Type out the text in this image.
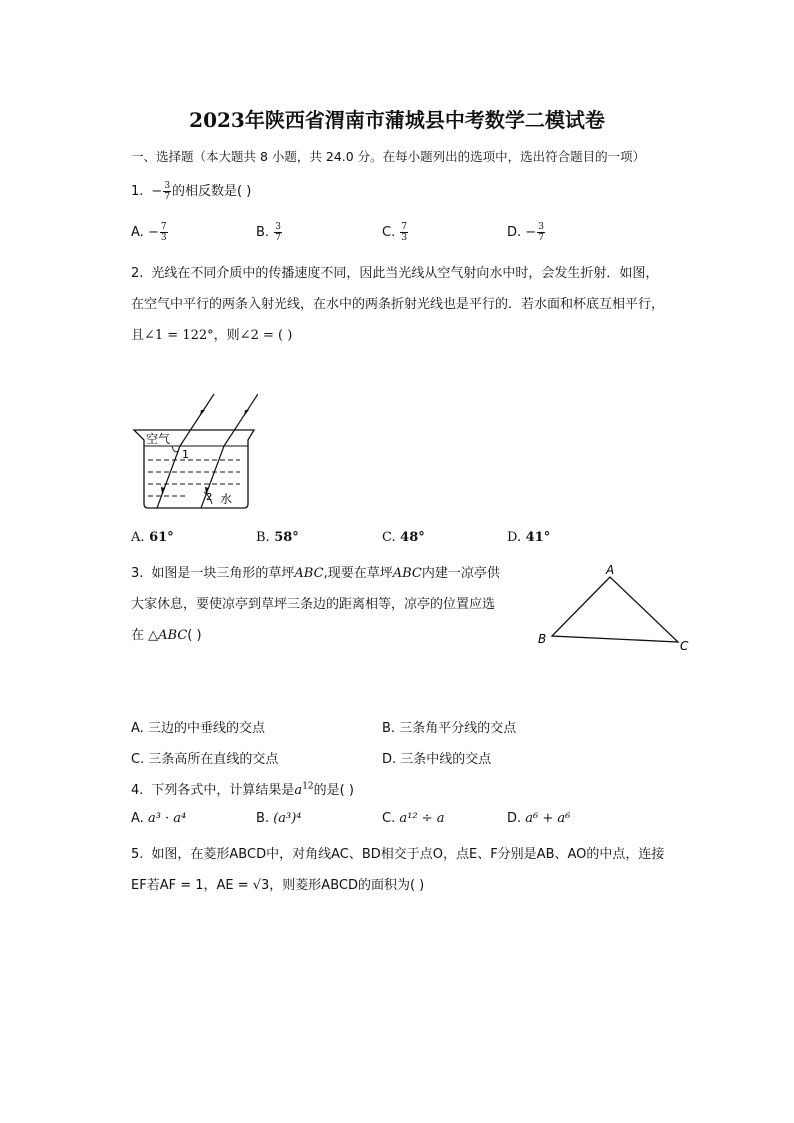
2023年陕西省渭南市蒲城县中考数学二模试卷
一、选择题（本大题共 8 小题，共 24.0 分。在每小题列出的选项中，选出符合题目的一项）
1. − $\frac{3}{7}$ 的相反数是( )
A. − $\frac{7}{3}$	B. $\frac{3}{7}$	C. $\frac{7}{3}$	D. − $\frac{3}{7}$
2. 光线在不同介质中的传播速度不同，因此当光线从空气射向水中时，会发生折射．如图，
在空气中平行的两条入射光线，在水中的两条折射光线也是平行的．若水面和杯底互相平行，
且∠1 = 122°，则∠2 = ( )
空气
1
2 水
A. 61°	B. 58°	C. 48°	D. 41°
3. 如图是一块三角形的草坪ABC,现要在草坪ABC内建一凉亭供
大家休息，要使凉亭到草坪三条边的距离相等，凉亭的位置应选
在 △ABC( )
A
B	C
A. 三边的中垂线的交点	B. 三条角平分线的交点
C. 三条高所在直线的交点	D. 三条中线的交点
4. 下列各式中，计算结果是$a^{12}$的是( )
A. a³ · a⁴	B. (a³)⁴	C. a¹² ÷ a	D. a⁶ + a⁶
5. 如图，在菱形ABCD中，对角线AC、BD相交于点O，点E、F分别是AB、AO的中点，连接
EF若AF = 1，AE = √3，则菱形ABCD的面积为( )
